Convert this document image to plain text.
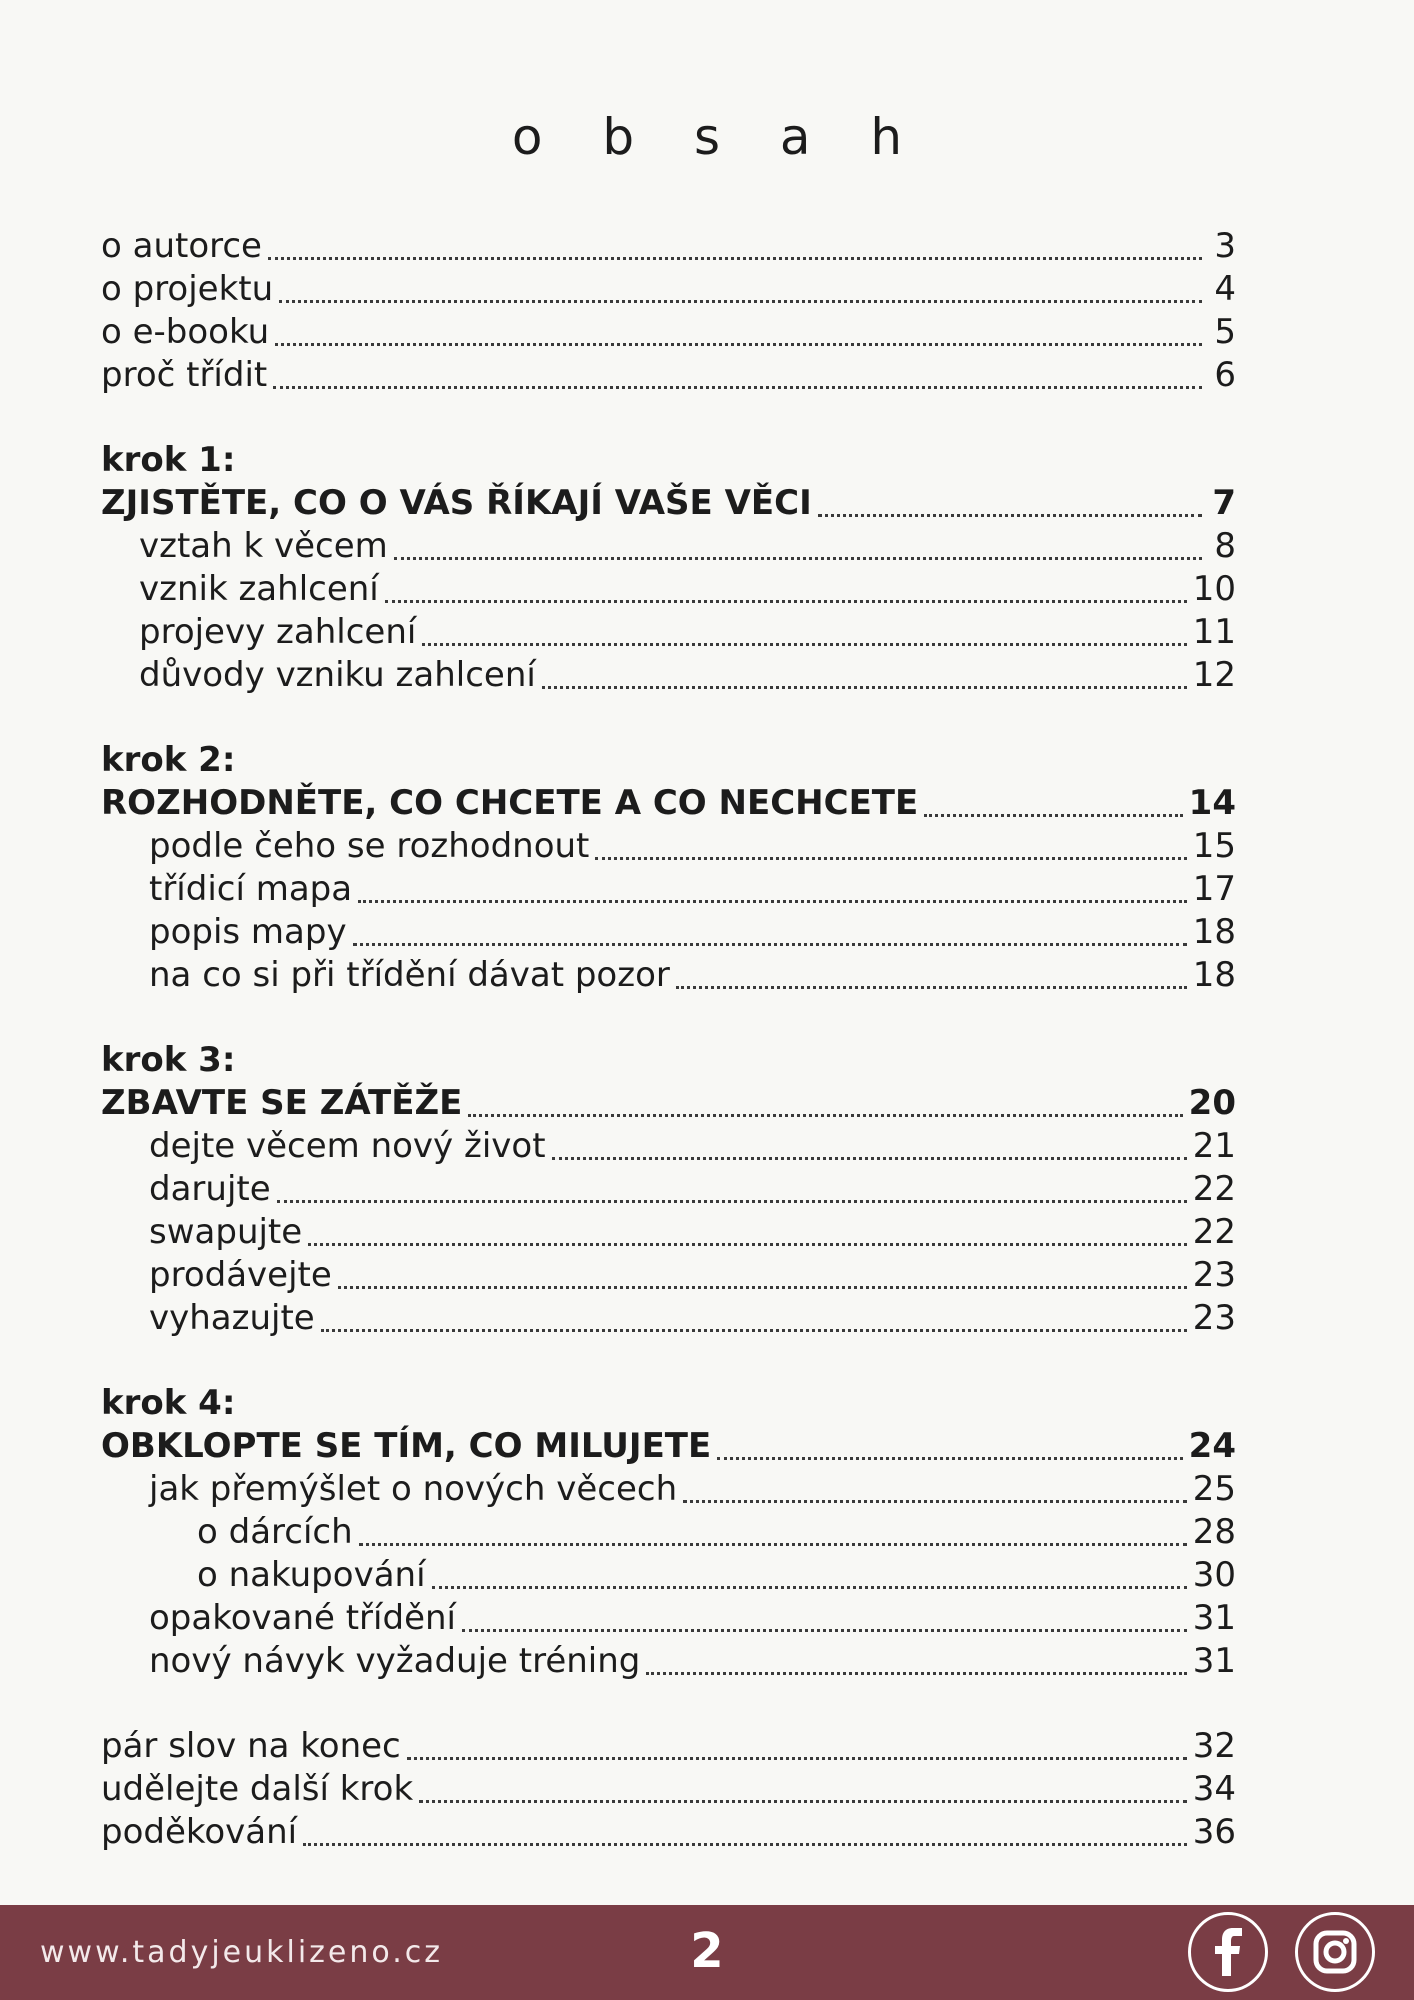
o b s a h
o autorce	3
o projektu	4
o e-booku	5
proč třídit	6
krok 1:
ZJISTĚTE, CO O VÁS ŘÍKAJÍ VAŠE VĚCI	7
vztah k věcem	8
vznik zahlcení	10
projevy zahlcení	11
důvody vzniku zahlcení	12
krok 2:
ROZHODNĚTE, CO CHCETE A CO NECHCETE	14
podle čeho se rozhodnout	15
třídicí mapa	17
popis mapy	18
na co si při třídění dávat pozor	18
krok 3:
ZBAVTE SE ZÁTĚŽE	20
dejte věcem nový život	21
darujte	22
swapujte	22
prodávejte	23
vyhazujte	23
krok 4:
OBKLOPTE SE TÍM, CO MILUJETE	24
jak přemýšlet o nových věcech	25
o dárcích	28
o nakupování	30
opakované třídění	31
nový návyk vyžaduje tréning	31
pár slov na konec	32
udělejte další krok	34
poděkování	36
www.tadyjeuklizeno.cz	2
